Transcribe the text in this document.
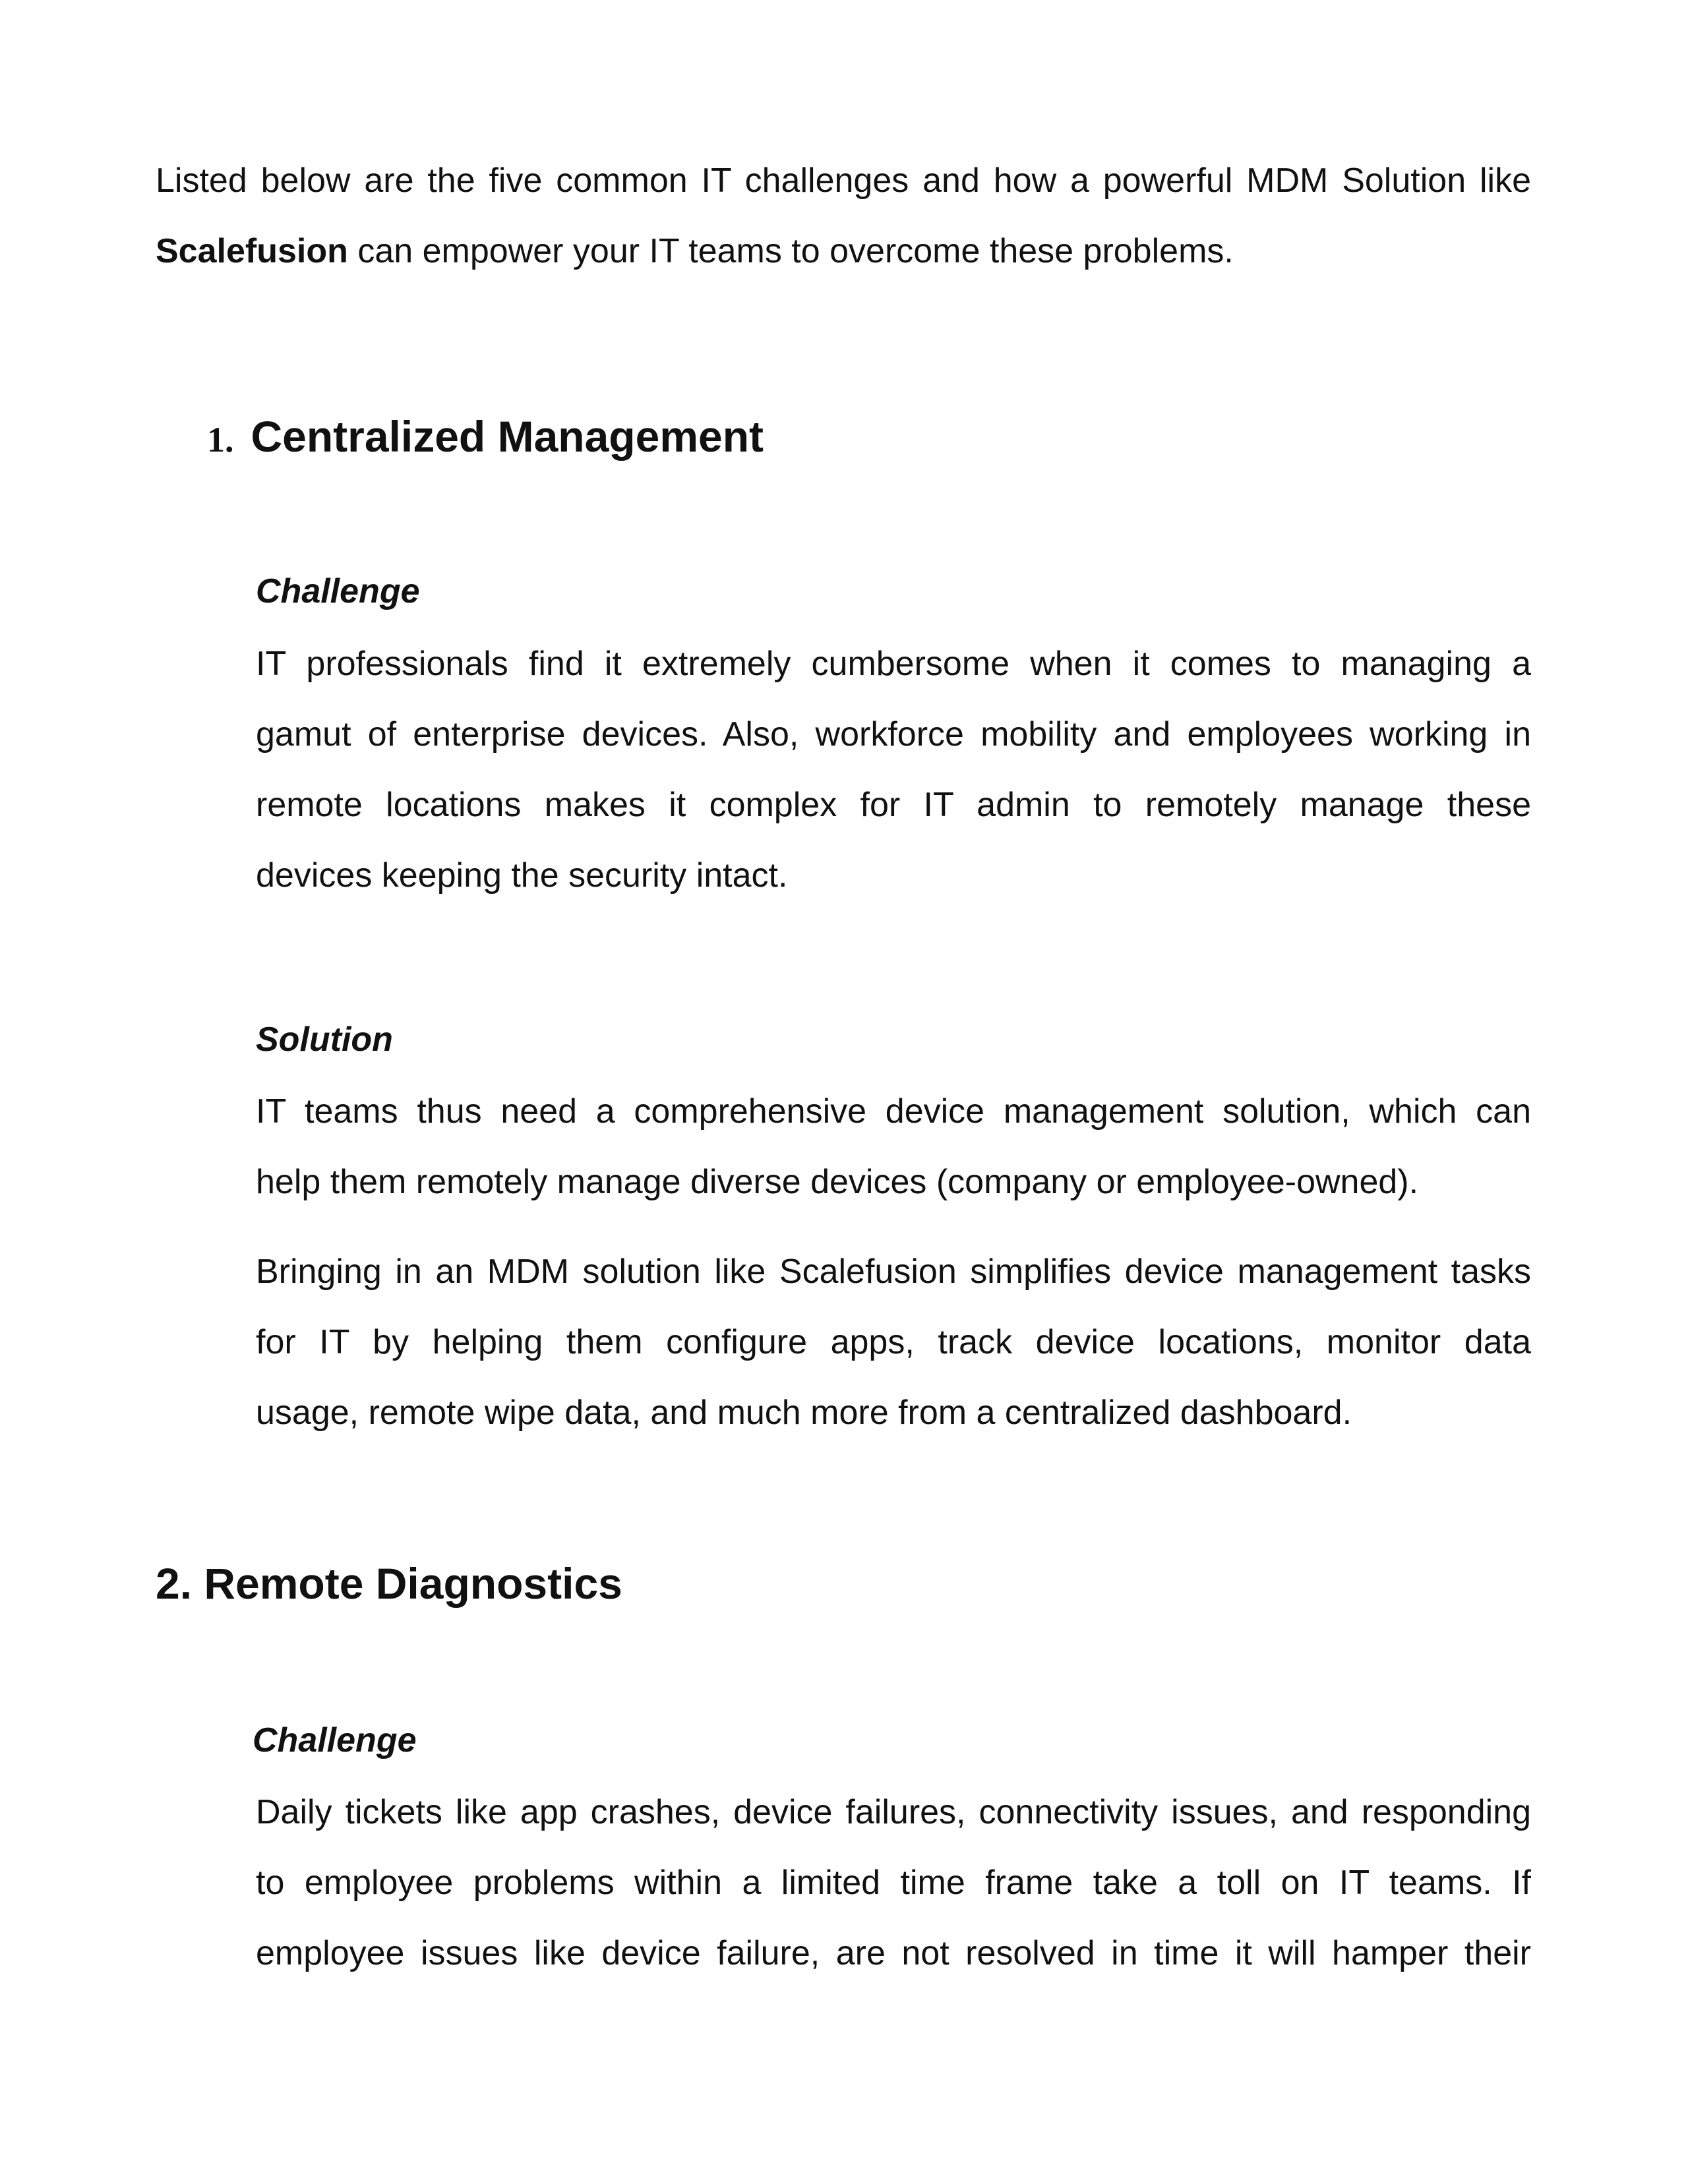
Listed below are the five common IT challenges and how a powerful MDM Solution like

Scalefusion can empower your IT teams to overcome these problems.

1. Centralized Management
Challenge

IT professionals find it extremely cumbersome when it comes to managing a

gamut of enterprise devices. Also, workforce mobility and employees working in

remote locations makes it complex for IT admin to remotely manage these

devices keeping the security intact.

Solution

IT teams thus need a comprehensive device management solution, which can

help them remotely manage diverse devices (company or employee-owned).

Bringing in an MDM solution like Scalefusion simplifies device management tasks

for IT by helping them configure apps, track device locations, monitor data

usage, remote wipe data, and much more from a centralized dashboard.

2. Remote Diagnostics
Challenge

Daily tickets like app crashes, device failures, connectivity issues, and responding

to employee problems within a limited time frame take a toll on IT teams. If

employee issues like device failure, are not resolved in time it will hamper their
